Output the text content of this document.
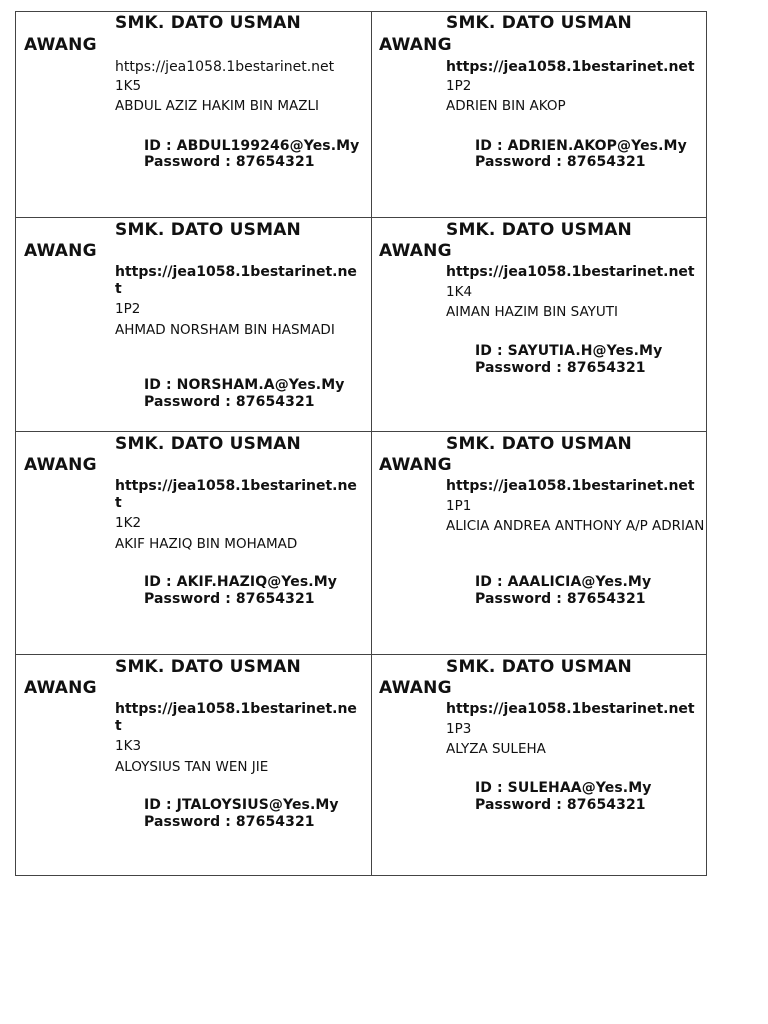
SMK. DATO USMAN
AWANG
https://jea1058.1bestarinet.net
1K5
ABDUL AZIZ HAKIM BIN MAZLI
ID : ABDUL199246@Yes.My
Password : 87654321
SMK. DATO USMAN
AWANG
https://jea1058.1bestarinet.net
1P2
ADRIEN BIN AKOP
ID : ADRIEN.AKOP@Yes.My
Password : 87654321
SMK. DATO USMAN
AWANG
https://jea1058.1bestarinet.net
1P2
AHMAD NORSHAM BIN HASMADI
ID : NORSHAM.A@Yes.My
Password : 87654321
SMK. DATO USMAN
AWANG
https://jea1058.1bestarinet.net
1K4
AIMAN HAZIM BIN SAYUTI
ID : SAYUTIA.H@Yes.My
Password : 87654321
SMK. DATO USMAN
AWANG
https://jea1058.1bestarinet.net
1K2
AKIF HAZIQ BIN MOHAMAD
ID : AKIF.HAZIQ@Yes.My
Password : 87654321
SMK. DATO USMAN
AWANG
https://jea1058.1bestarinet.net
1P1
ALICIA ANDREA ANTHONY A/P ADRIAN
ID : AAALICIA@Yes.My
Password : 87654321
SMK. DATO USMAN
AWANG
https://jea1058.1bestarinet.net
1K3
ALOYSIUS TAN WEN JIE
ID : JTALOYSIUS@Yes.My
Password : 87654321
SMK. DATO USMAN
AWANG
https://jea1058.1bestarinet.net
1P3
ALYZA SULEHA
ID : SULEHAA@Yes.My
Password : 87654321
